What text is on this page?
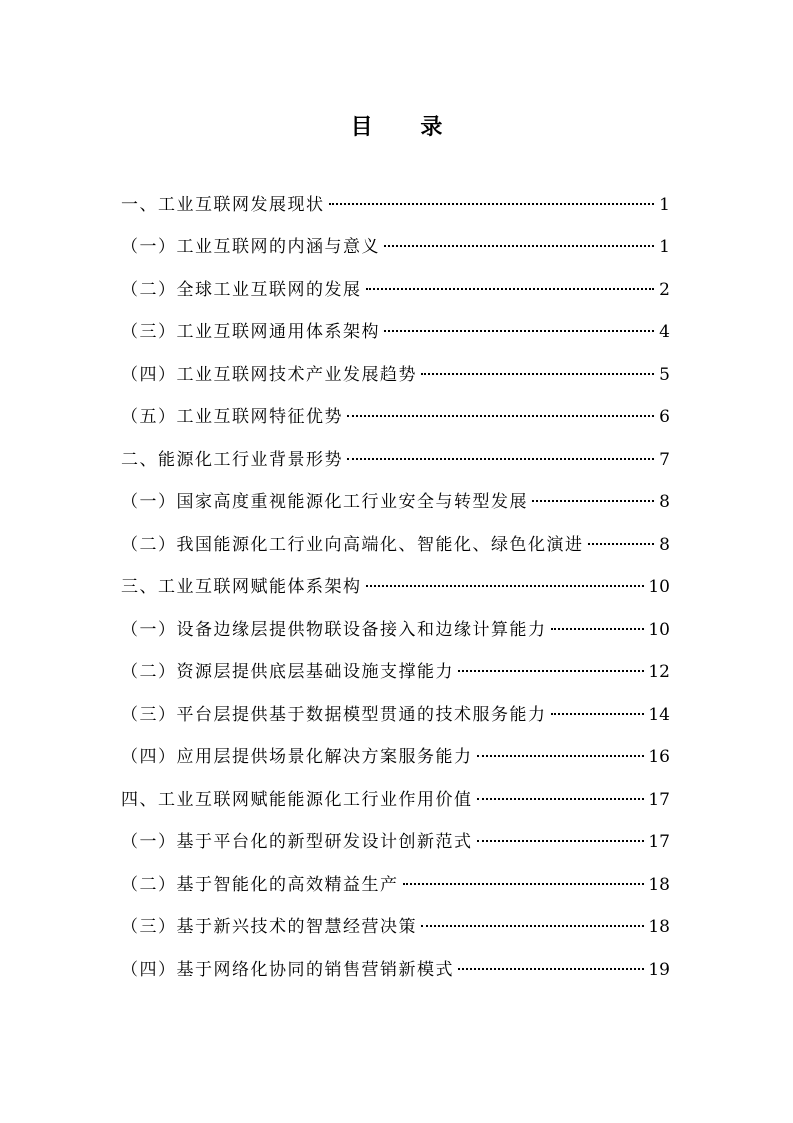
目 录
一、工业互联网发展现状	1
（一）工业互联网的内涵与意义	1
（二）全球工业互联网的发展	2
（三）工业互联网通用体系架构	4
（四）工业互联网技术产业发展趋势	5
（五）工业互联网特征优势	6
二、能源化工行业背景形势	7
（一）国家高度重视能源化工行业安全与转型发展	8
（二）我国能源化工行业向高端化、智能化、绿色化演进	8
三、工业互联网赋能体系架构	10
（一）设备边缘层提供物联设备接入和边缘计算能力	10
（二）资源层提供底层基础设施支撑能力	12
（三）平台层提供基于数据模型贯通的技术服务能力	14
（四）应用层提供场景化解决方案服务能力	16
四、工业互联网赋能能源化工行业作用价值	17
（一）基于平台化的新型研发设计创新范式	17
（二）基于智能化的高效精益生产	18
（三）基于新兴技术的智慧经营决策	18
（四）基于网络化协同的销售营销新模式	19
